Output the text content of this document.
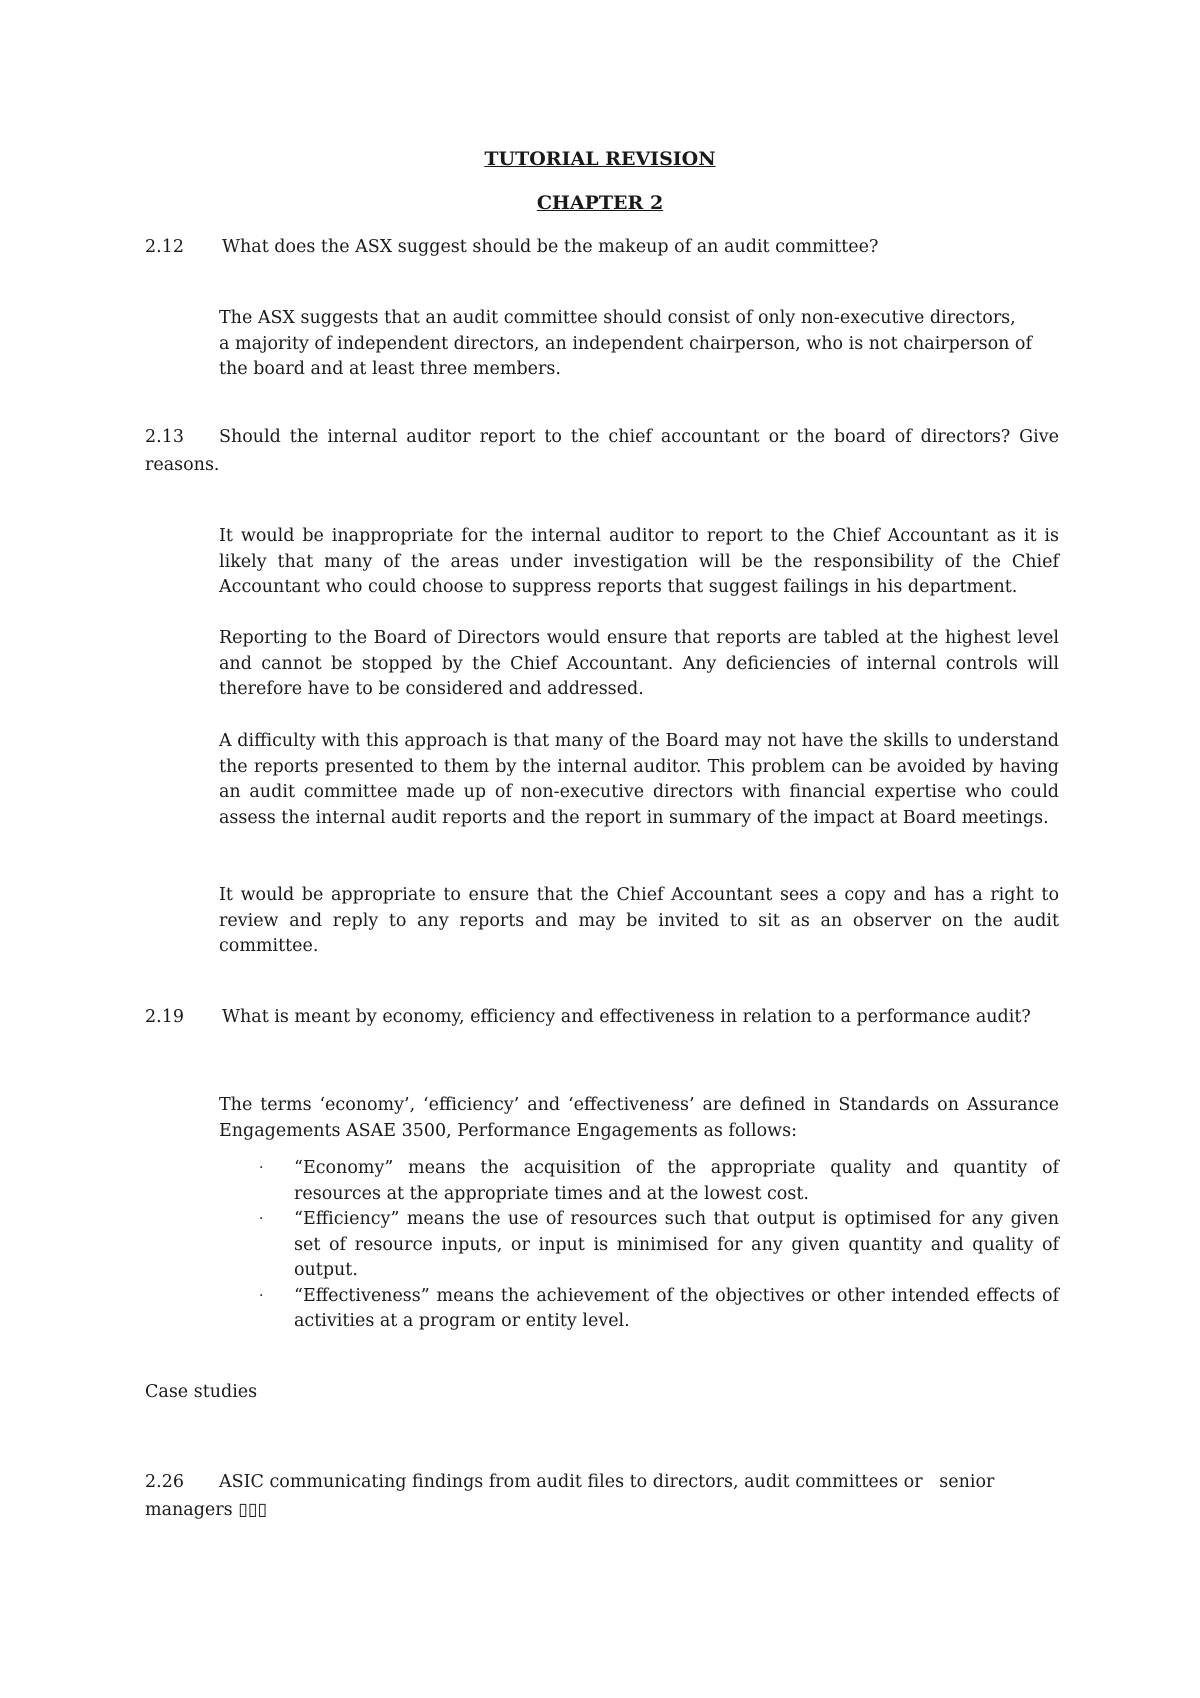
TUTORIAL REVISION
CHAPTER 2
2.12 What does the ASX suggest should be the makeup of an audit committee?
The ASX suggests that an audit committee should consist of only non-executive directors,
a majority of independent directors, an independent chairperson, who is not chairperson of
the board and at least three members.
2.13 Should the internal auditor report to the chief accountant or the board of directors? Give
reasons.
It would be inappropriate for the internal auditor to report to the Chief Accountant as it is likely that many of the areas under investigation will be the responsibility of the Chief Accountant who could choose to suppress reports that suggest failings in his department.
Reporting to the Board of Directors would ensure that reports are tabled at the highest level and cannot be stopped by the Chief Accountant. Any deficiencies of internal controls will therefore have to be considered and addressed.
A difficulty with this approach is that many of the Board may not have the skills to understand the reports presented to them by the internal auditor. This problem can be avoided by having an audit committee made up of non-executive directors with financial expertise who could assess the internal audit reports and the report in summary of the impact at Board meetings.
It would be appropriate to ensure that the Chief Accountant sees a copy and has a right to review and reply to any reports and may be invited to sit as an observer on the audit committee.
2.19 What is meant by economy, efficiency and effectiveness in relation to a performance audit?
The terms ‘economy’, ‘efficiency’ and ‘effectiveness’ are defined in Standards on Assurance Engagements ASAE 3500, Performance Engagements as follows:
· “Economy” means the acquisition of the appropriate quality and quantity of resources at the appropriate times and at the lowest cost.
· “Efficiency” means the use of resources such that output is optimised for any given set of resource inputs, or input is minimised for any given quantity and quality of output.
· “Effectiveness” means the achievement of the objectives or other intended effects of activities at a program or entity level.
Case studies
2.26 ASIC communicating findings from audit files to directors, audit committees or   senior
managers ▯▯▯
